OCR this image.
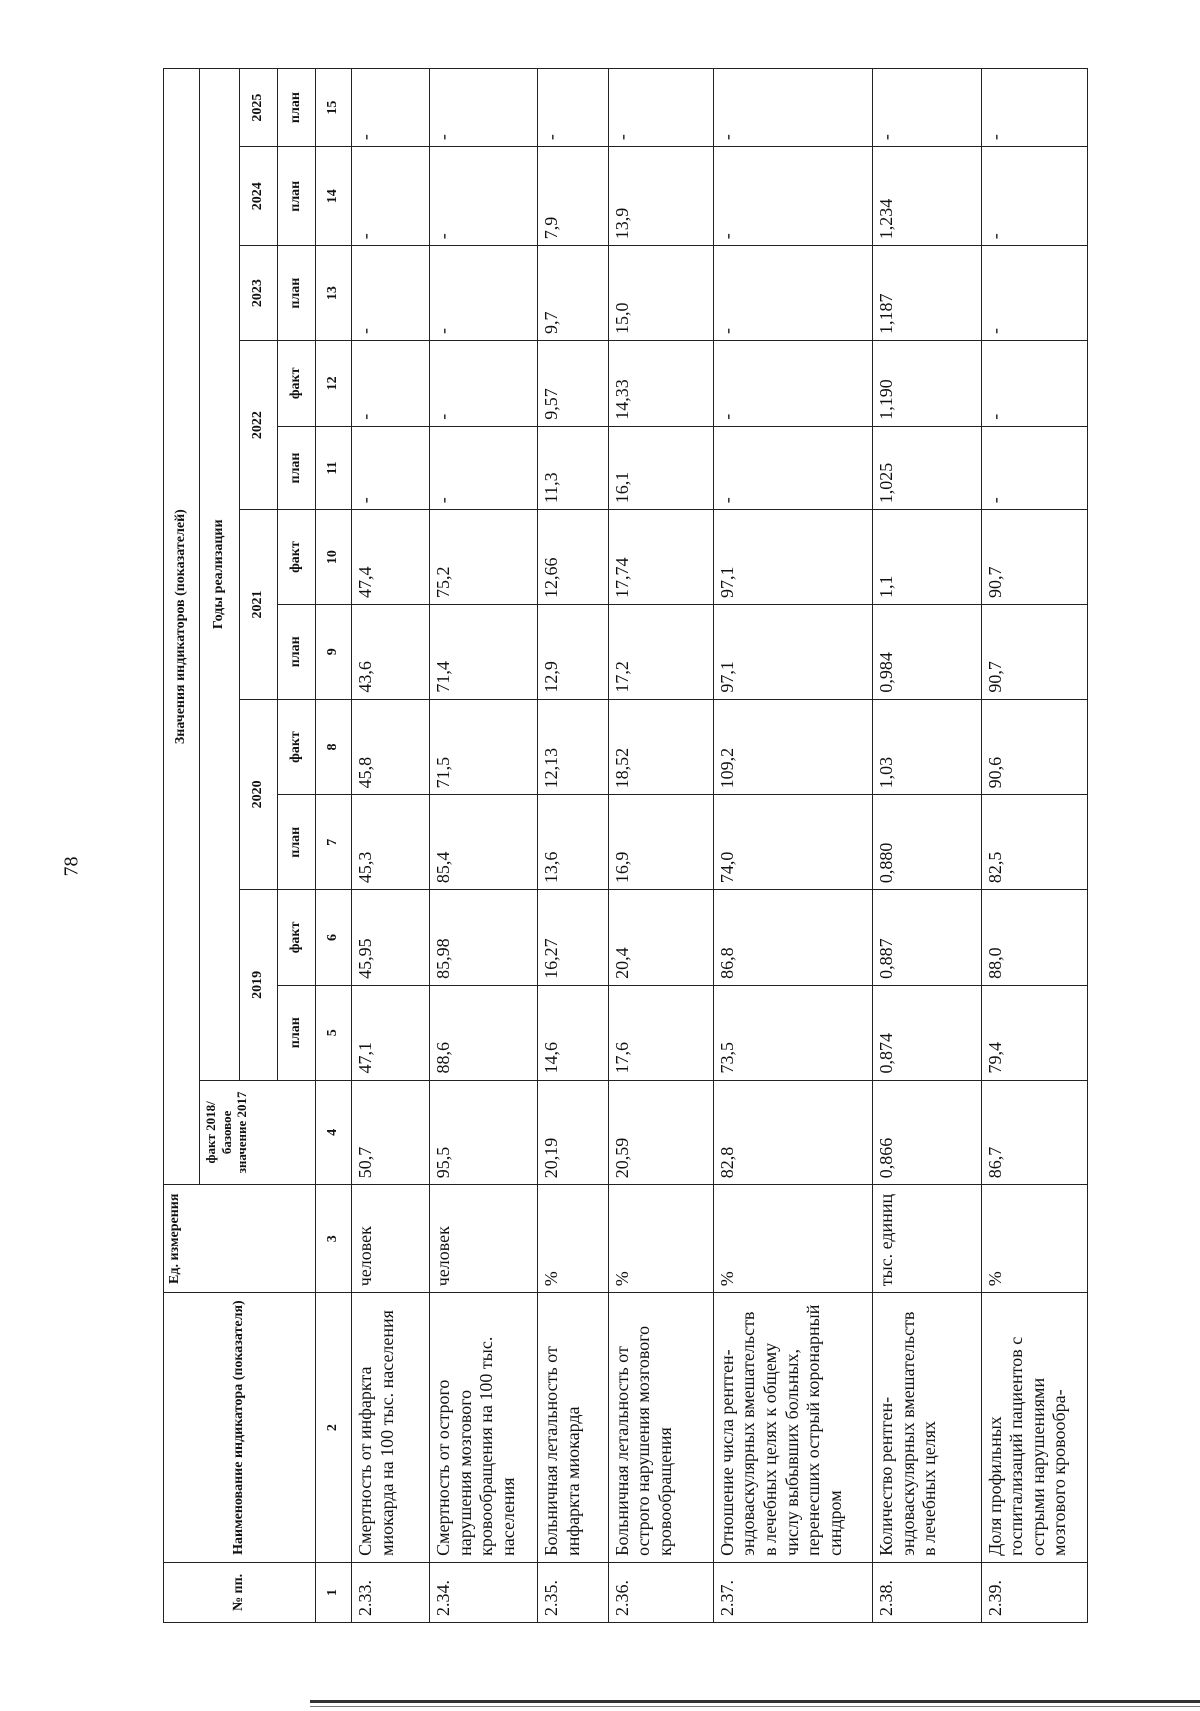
78
№ пп.	Наименование индикатора (показателя)	Ед. измерения	Значения индикаторов (показателей)											
			факт 2018/базовое значение 2017	Годы реализации										
				2019		2020		2021		2022		2023	2024	2025
				план	факт	план	факт	план	факт	план	факт	план	план	план
1	2	3	4	5	6	7	8	9	10	11	12	13	14	15
2.33.	Смертность от инфаркта миокарда на 100 тыс. населения	человек	50,7	47,1	45,95	45,3	45,8	43,6	47,4	-	-	-	-	-
2.34.	Смертность от острого нарушения мозгового кровообращения на 100 тыс. населения	человек	95,5	88,6	85,98	85,4	71,5	71,4	75,2	-	-	-	-	-
2.35.	Больничная летальность от инфаркта миокарда	%	20,19	14,6	16,27	13,6	12,13	12,9	12,66	11,3	9,57	9,7	7,9	-
2.36.	Больничная летальность от острого нарушения мозгового кровообращения	%	20,59	17,6	20,4	16,9	18,52	17,2	17,74	16,1	14,33	15,0	13,9	-
2.37.	Отношение числа рентген-эндоваскулярных вмешательств в лечебных целях к общему числу выбывших больных, перенесших острый коронарный синдром	%	82,8	73,5	86,8	74,0	109,2	97,1	97,1	-	-	-	-	-
2.38.	Количество рентген-эндоваскулярных вмешательств в лечебных целях	тыс. единиц	0,866	0,874	0,887	0,880	1,03	0,984	1,1	1,025	1,190	1,187	1,234	-
2.39.	Доля профильных госпитализаций пациентов с острыми нарушениями мозгового кровообра-	%	86,7	79,4	88,0	82,5	90,6	90,7	90,7	-	-	-	-	-
